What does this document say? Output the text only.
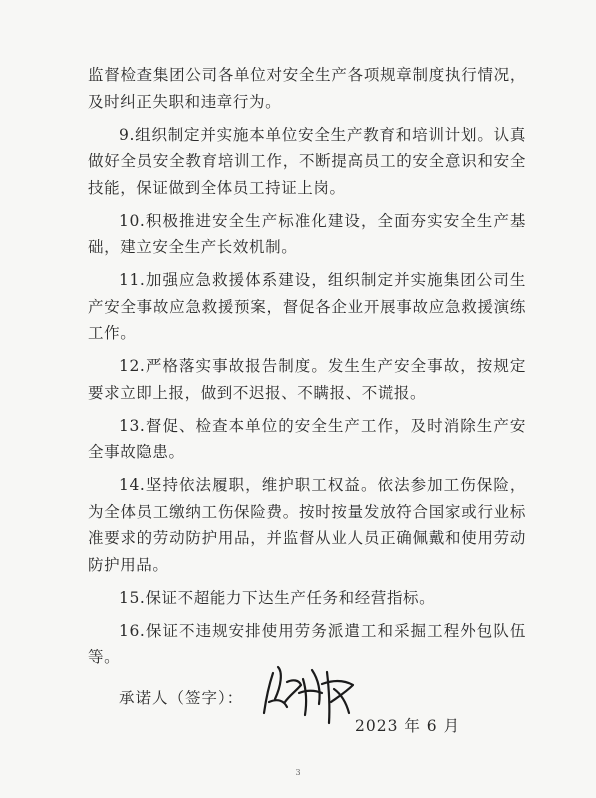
监督检查集团公司各单位对安全生产各项规章制度执行情况，及时纠正失职和违章行为。

9.组织制定并实施本单位安全生产教育和培训计划。认真做好全员安全教育培训工作，不断提高员工的安全意识和安全技能，保证做到全体员工持证上岗。

10.积极推进安全生产标准化建设，全面夯实安全生产基础，建立安全生产长效机制。

11.加强应急救援体系建设，组织制定并实施集团公司生产安全事故应急救援预案，督促各企业开展事故应急救援演练工作。

12.严格落实事故报告制度。发生生产安全事故，按规定要求立即上报，做到不迟报、不瞒报、不谎报。

13.督促、检查本单位的安全生产工作，及时消除生产安全事故隐患。

14.坚持依法履职，维护职工权益。依法参加工伤保险，为全体员工缴纳工伤保险费。按时按量发放符合国家或行业标准要求的劳动防护用品，并监督从业人员正确佩戴和使用劳动防护用品。

15.保证不超能力下达生产任务和经营指标。

16.保证不违规安排使用劳务派遣工和采掘工程外包队伍等。

承诺人（签字）：
2023 年 6 月
3
